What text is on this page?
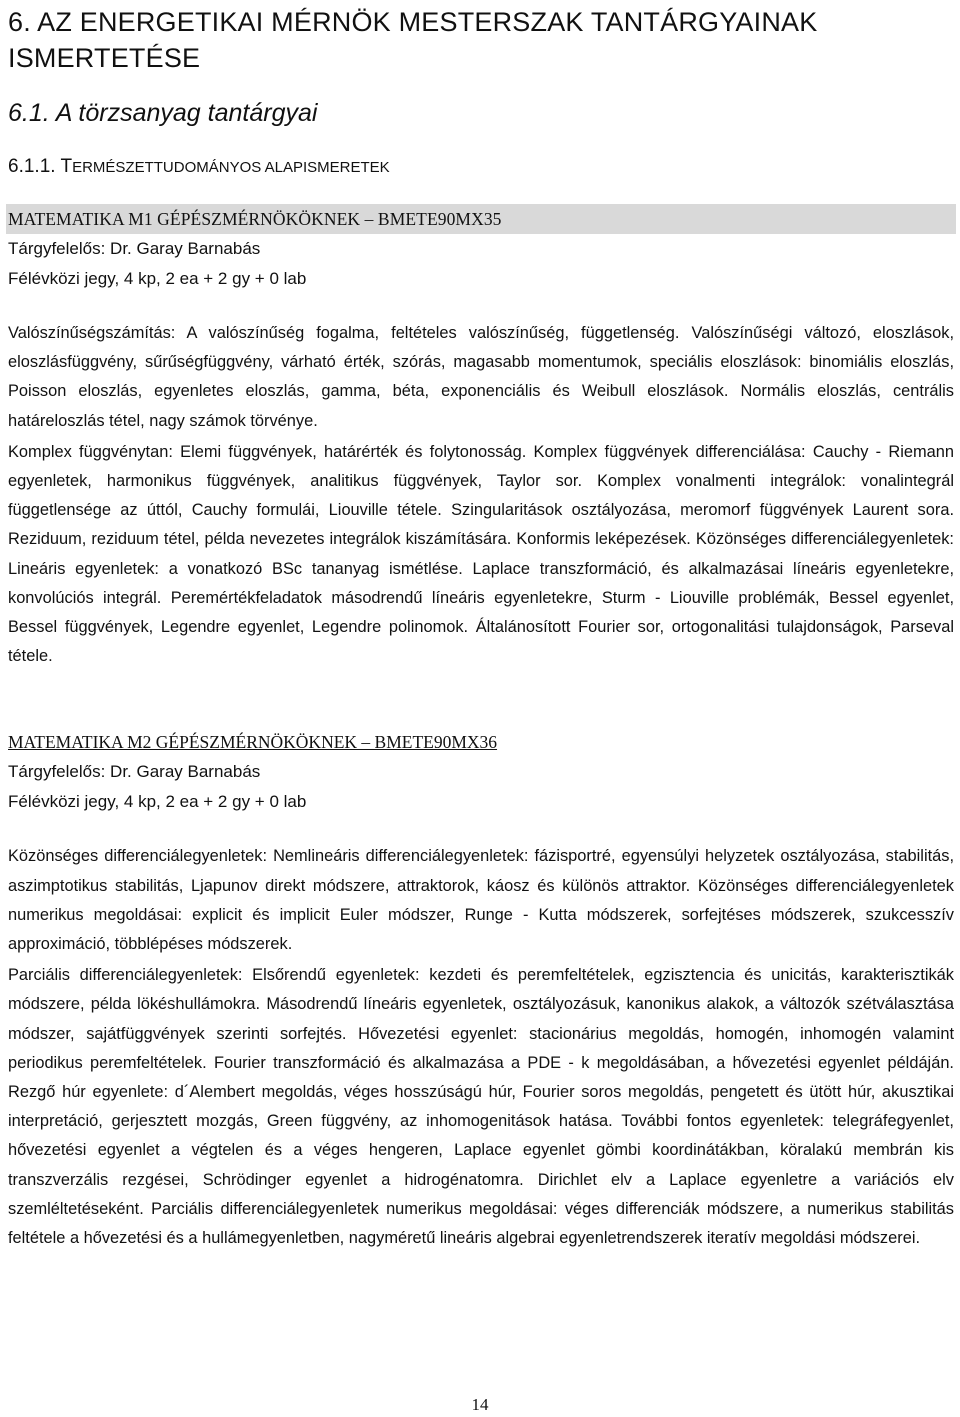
6. AZ ENERGETIKAI MÉRNÖK MESTERSZAK TANTÁRGYAINAK ISMERTETÉSE
6.1. A törzsanyag tantárgyai
6.1.1. TERMÉSZETTUDOMÁNYOS ALAPISMERETEK
MATEMATIKA M1 GÉPÉSZMÉRNÖKÖKNEK – BMETE90MX35
Tárgyfelelős: Dr. Garay Barnabás
Félévközi jegy, 4 kp, 2 ea + 2 gy + 0 lab

Valószínűségszámítás: A valószínűség fogalma, feltételes valószínűség, függetlenség. Valószínűségi változó, eloszlások, eloszlásfüggvény, sűrűségfüggvény, várható érték, szórás, magasabb momentumok, speciális eloszlások: binomiális eloszlás, Poisson eloszlás, egyenletes eloszlás, gamma, béta, exponenciális és Weibull eloszlások. Normális eloszlás, centrális határeloszlás tétel, nagy számok törvénye.

Komplex függvénytan: Elemi függvények, határérték és folytonosság. Komplex függvények differenciálása: Cauchy ‐ Riemann egyenletek, harmonikus függvények, analitikus függvények, Taylor sor. Komplex vonalmenti integrálok: vonalintegrál függetlensége az úttól, Cauchy formulái, Liouville tétele. Szingularitások osztályozása, meromorf függvények Laurent sora. Reziduum, reziduum tétel, példa nevezetes integrálok kiszámítására. Konformis leképezések. Közönséges differenciálegyenletek: Lineáris egyenletek: a vonatkozó BSc tananyag ismétlése. Laplace transzformáció, és alkalmazásai líneáris egyenletekre, konvolúciós integrál. Peremértékfeladatok másodrendű líneáris egyenletekre, Sturm ‐ Liouville problémák, Bessel egyenlet, Bessel függvények, Legendre egyenlet, Legendre polinomok. Általánosított Fourier sor, ortogonalitási tulajdonságok, Parseval tétele.

MATEMATIKA M2 GÉPÉSZMÉRNÖKÖKNEK – BMETE90MX36
Tárgyfelelős: Dr. Garay Barnabás
Félévközi jegy, 4 kp, 2 ea + 2 gy + 0 lab

Közönséges differenciálegyenletek: Nemlineáris differenciálegyenletek: fázisportré, egyensúlyi helyzetek osztályozása, stabilitás, aszimptotikus stabilitás, Ljapunov direkt módszere, attraktorok, káosz és különös attraktor. Közönséges differenciálegyenletek numerikus megoldásai: explicit és implicit Euler módszer, Runge ‐ Kutta módszerek, sorfejtéses módszerek, szukcesszív approximáció, többlépéses módszerek.

Parciális differenciálegyenletek: Elsőrendű egyenletek: kezdeti és peremfeltételek, egzisztencia és unicitás, karakterisztikák módszere, példa lökéshullámokra. Másodrendű líneáris egyenletek, osztályozásuk, kanonikus alakok, a változók szétválasztása módszer, sajátfüggvények szerinti sorfejtés. Hővezetési egyenlet: stacionárius megoldás, homogén, inhomogén valamint periodikus peremfeltételek. Fourier transzformáció és alkalmazása a PDE ‐ k megoldásában, a hővezetési egyenlet példáján. Rezgő húr egyenlete: d´Alembert megoldás, véges hosszúságú húr, Fourier soros megoldás, pengetett és ütött húr, akusztikai interpretáció, gerjesztett mozgás, Green függvény, az inhomogenitások hatása. További fontos egyenletek: telegráfegyenlet, hővezetési egyenlet a végtelen és a véges hengeren, Laplace egyenlet gömbi koordinátákban, köralakú membrán kis transzverzális rezgései, Schrödinger egyenlet a hidrogénatomra. Dirichlet elv a Laplace egyenletre a variációs elv szemléltetéseként. Parciális differenciálegyenletek numerikus megoldásai: véges differenciák módszere, a numerikus stabilitás feltétele a hővezetési és a hullámegyenletben, nagyméretű lineáris algebrai egyenletrendszerek iteratív megoldási módszerei.

14
